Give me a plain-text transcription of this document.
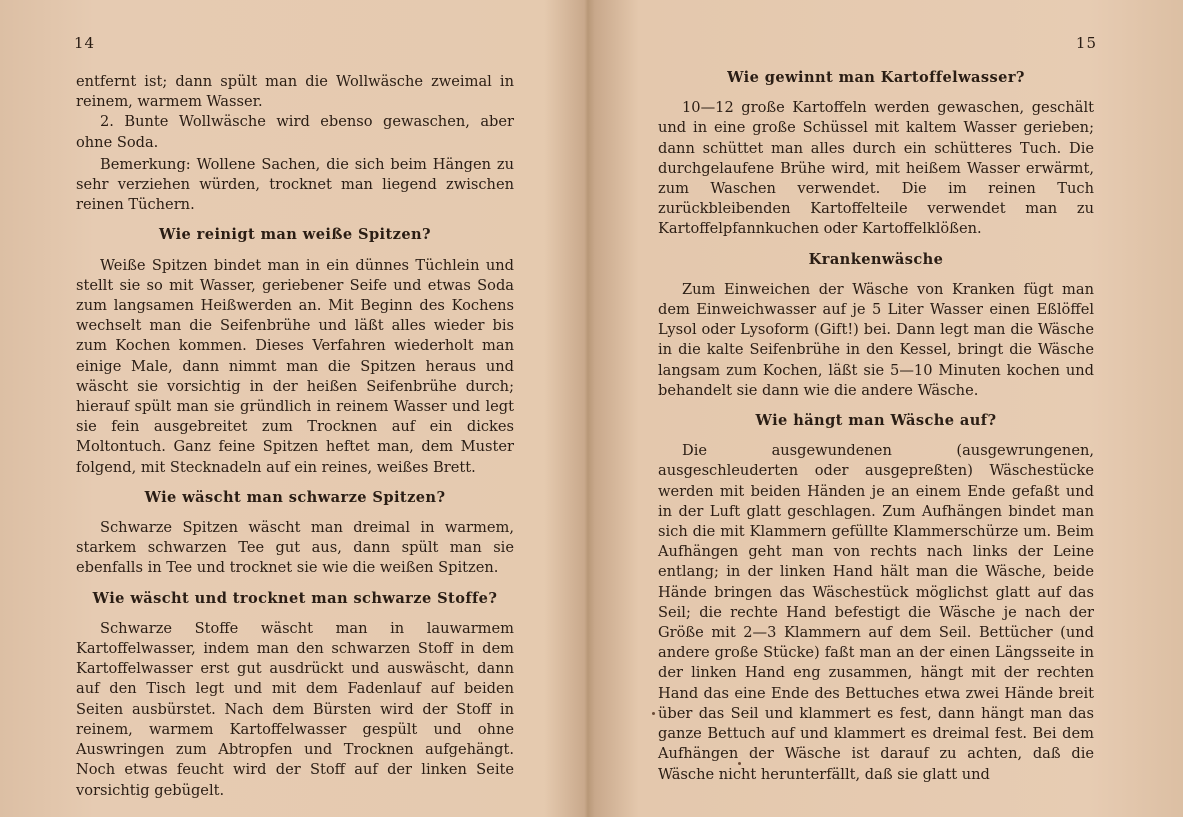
14

entfernt ist; dann spült man die Wollwäsche zweimal in reinem, warmem Wasser.

2. Bunte Wollwäsche wird ebenso gewaschen, aber ohne Soda.

Bemerkung: Wollene Sachen, die sich beim Hängen zu sehr verziehen würden, trocknet man liegend zwischen reinen Tüchern.

Wie reinigt man weiße Spitzen?

Weiße Spitzen bindet man in ein dünnes Tüchlein und stellt sie so mit Wasser, geriebener Seife und etwas Soda zum langsamen Heißwerden an. Mit Beginn des Kochens wechselt man die Seifenbrühe und läßt alles wieder bis zum Kochen kommen. Dieses Verfahren wiederholt man einige Male, dann nimmt man die Spitzen heraus und wäscht sie vorsichtig in der heißen Seifenbrühe durch; hierauf spült man sie gründlich in reinem Wasser und legt sie fein ausgebreitet zum Trocknen auf ein dickes Moltontuch. Ganz feine Spitzen heftet man, dem Muster folgend, mit Stecknadeln auf ein reines, weißes Brett.

Wie wäscht man schwarze Spitzen?

Schwarze Spitzen wäscht man dreimal in warmem, starkem schwarzen Tee gut aus, dann spült man sie ebenfalls in Tee und trocknet sie wie die weißen Spitzen.

Wie wäscht und trocknet man schwarze Stoffe?

Schwarze Stoffe wäscht man in lauwarmem Kartoffelwasser, indem man den schwarzen Stoff in dem Kartoffelwasser erst gut ausdrückt und auswäscht, dann auf den Tisch legt und mit dem Fadenlauf auf beiden Seiten ausbürstet. Nach dem Bürsten wird der Stoff in reinem, warmem Kartoffelwasser gespült und ohne Auswringen zum Abtropfen und Trocknen aufgehängt. Noch etwas feucht wird der Stoff auf der linken Seite vorsichtig gebügelt.

15
Wie gewinnt man Kartoffelwasser?

10—12 große Kartoffeln werden gewaschen, geschält und in eine große Schüssel mit kaltem Wasser gerieben; dann schüttet man alles durch ein schütteres Tuch. Die durchgelaufene Brühe wird, mit heißem Wasser erwärmt, zum Waschen verwendet. Die im reinen Tuch zurückbleibenden Kartoffelteile verwendet man zu Kartoffelpfannkuchen oder Kartoffelklößen.

Krankenwäsche

Zum Einweichen der Wäsche von Kranken fügt man dem Einweichwasser auf je 5 Liter Wasser einen Eßlöffel Lysol oder Lysoform (Gift!) bei. Dann legt man die Wäsche in die kalte Seifenbrühe in den Kessel, bringt die Wäsche langsam zum Kochen, läßt sie 5—10 Minuten kochen und behandelt sie dann wie die andere Wäsche.

Wie hängt man Wäsche auf?

Die ausgewundenen (ausgewrungenen, ausgeschleuderten oder ausgepreßten) Wäschestücke werden mit beiden Händen je an einem Ende gefaßt und in der Luft glatt geschlagen. Zum Aufhängen bindet man sich die mit Klammern gefüllte Klammerschürze um. Beim Aufhängen geht man von rechts nach links der Leine entlang; in der linken Hand hält man die Wäsche, beide Hände bringen das Wäschestück möglichst glatt auf das Seil; die rechte Hand befestigt die Wäsche je nach der Größe mit 2—3 Klammern auf dem Seil. Bettücher (und andere große Stücke) faßt man an der einen Längsseite in der linken Hand eng zusammen, hängt mit der rechten Hand das eine Ende des Bettuches etwa zwei Hände breit über das Seil und klammert es fest, dann hängt man das ganze Bettuch auf und klammert es dreimal fest. Bei dem Aufhängen der Wäsche ist darauf zu achten, daß die Wäsche nicht herunterfällt, daß sie glatt und
